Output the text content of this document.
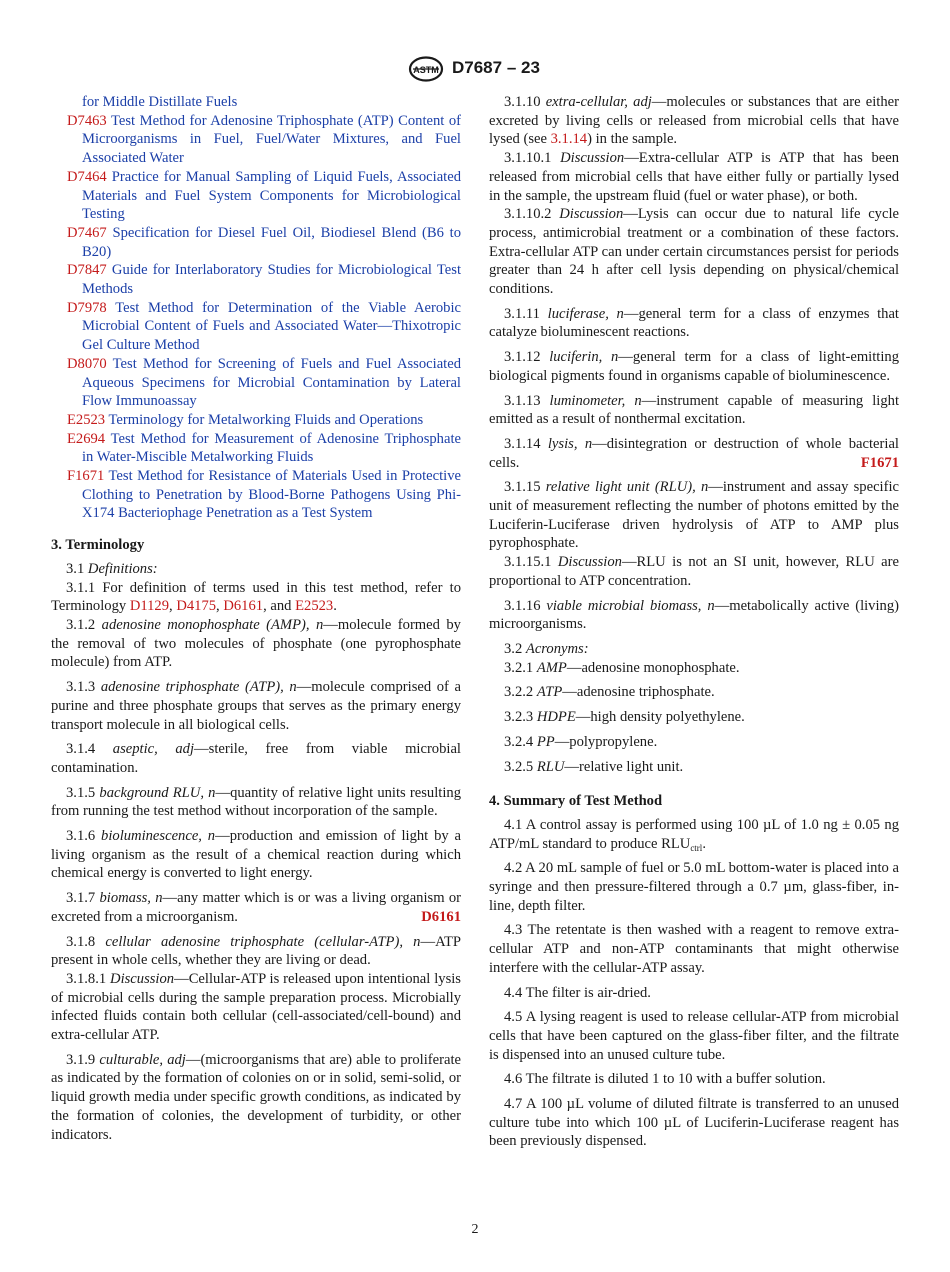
ASTM D7687 – 23

for Middle Distillate Fuels

D7463 Test Method for Adenosine Triphosphate (ATP) Content of Microorganisms in Fuel, Fuel/Water Mixtures, and Fuel Associated Water

D7464 Practice for Manual Sampling of Liquid Fuels, Associated Materials and Fuel System Components for Microbiological Testing

D7467 Specification for Diesel Fuel Oil, Biodiesel Blend (B6 to B20)

D7847 Guide for Interlaboratory Studies for Microbiological Test Methods

D7978 Test Method for Determination of the Viable Aerobic Microbial Content of Fuels and Associated Water—Thixotropic Gel Culture Method

D8070 Test Method for Screening of Fuels and Fuel Associated Aqueous Specimens for Microbial Contamination by Lateral Flow Immunoassay

E2523 Terminology for Metalworking Fluids and Operations

E2694 Test Method for Measurement of Adenosine Triphosphate in Water-Miscible Metalworking Fluids

F1671 Test Method for Resistance of Materials Used in Protective Clothing to Penetration by Blood-Borne Pathogens Using Phi-X174 Bacteriophage Penetration as a Test System

3. Terminology

3.1 Definitions:

3.1.1 For definition of terms used in this test method, refer to Terminology D1129, D4175, D6161, and E2523.

3.1.2 adenosine monophosphate (AMP), n—molecule formed by the removal of two molecules of phosphate (one pyrophosphate molecule) from ATP.

3.1.3 adenosine triphosphate (ATP), n—molecule comprised of a purine and three phosphate groups that serves as the primary energy transport molecule in all biological cells.

3.1.4 aseptic, adj—sterile, free from viable microbial contamination.

3.1.5 background RLU, n—quantity of relative light units resulting from running the test method without incorporation of the sample.

3.1.6 bioluminescence, n—production and emission of light by a living organism as the result of a chemical reaction during which chemical energy is converted to light energy.

3.1.7 biomass, n—any matter which is or was a living organism or excreted from a microorganism.	D6161

3.1.8 cellular adenosine triphosphate (cellular-ATP), n—ATP present in whole cells, whether they are living or dead.

3.1.8.1 Discussion—Cellular-ATP is released upon intentional lysis of microbial cells during the sample preparation process. Microbially infected fluids contain both cellular (cell-associated/cell-bound) and extra-cellular ATP.

3.1.9 culturable, adj—(microorganisms that are) able to proliferate as indicated by the formation of colonies on or in solid, semi-solid, or liquid growth media under specific growth conditions, as indicated by the formation of colonies, the development of turbidity, or other indicators.

3.1.10 extra-cellular, adj—molecules or substances that are either excreted by living cells or released from microbial cells that have lysed (see 3.1.14) in the sample.

3.1.10.1 Discussion—Extra-cellular ATP is ATP that has been released from microbial cells that have either fully or partially lysed in the sample, the upstream fluid (fuel or water phase), or both.

3.1.10.2 Discussion—Lysis can occur due to natural life cycle process, antimicrobial treatment or a combination of these factors. Extra-cellular ATP can under certain circumstances persist for periods greater than 24 h after cell lysis depending on physical/chemical conditions.

3.1.11 luciferase, n—general term for a class of enzymes that catalyze bioluminescent reactions.

3.1.12 luciferin, n—general term for a class of light-emitting biological pigments found in organisms capable of bioluminescence.

3.1.13 luminometer, n—instrument capable of measuring light emitted as a result of nonthermal excitation.

3.1.14 lysis, n—disintegration or destruction of whole bacterial cells.	F1671

3.1.15 relative light unit (RLU), n—instrument and assay specific unit of measurement reflecting the number of photons emitted by the Luciferin-Luciferase driven hydrolysis of ATP to AMP plus pyrophosphate.

3.1.15.1 Discussion—RLU is not an SI unit, however, RLU are proportional to ATP concentration.

3.1.16 viable microbial biomass, n—metabolically active (living) microorganisms.

3.2 Acronyms:

3.2.1 AMP—adenosine monophosphate.

3.2.2 ATP—adenosine triphosphate.

3.2.3 HDPE—high density polyethylene.

3.2.4 PP—polypropylene.

3.2.5 RLU—relative light unit.

4. Summary of Test Method

4.1 A control assay is performed using 100 µL of 1.0 ng ± 0.05 ng ATP/mL standard to produce $RLU_{ctrl}$.

4.2 A 20 mL sample of fuel or 5.0 mL bottom-water is placed into a syringe and then pressure-filtered through a 0.7 µm, glass-fiber, in-line, depth filter.

4.3 The retentate is then washed with a reagent to remove extra-cellular ATP and non-ATP contaminants that might otherwise interfere with the cellular-ATP assay.

4.4 The filter is air-dried.

4.5 A lysing reagent is used to release cellular-ATP from microbial cells that have been captured on the glass-fiber filter, and the filtrate is dispensed into an unused culture tube.

4.6 The filtrate is diluted 1 to 10 with a buffer solution.

4.7 A 100 µL volume of diluted filtrate is transferred to an unused culture tube into which 100 µL of Luciferin-Luciferase reagent has been previously dispensed.

2
